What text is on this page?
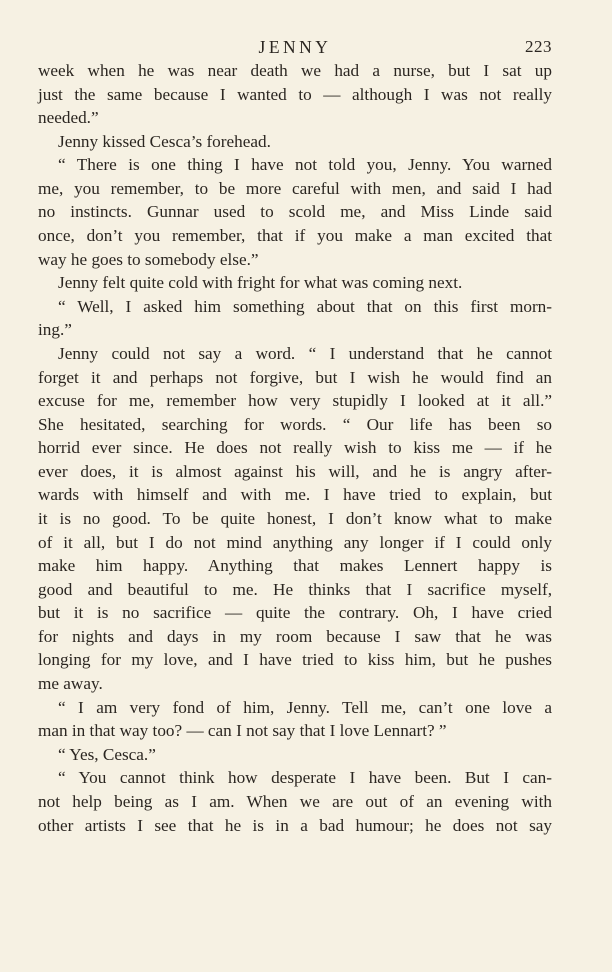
JENNY	223
week when he was near death we had a nurse, but I sat up
just the same because I wanted to — although I was not really
needed.”
Jenny kissed Cesca’s forehead.
“ There is one thing I have not told you, Jenny. You warned
me, you remember, to be more careful with men, and said I had
no instincts. Gunnar used to scold me, and Miss Linde said
once, don’t you remember, that if you make a man excited that
way he goes to somebody else.”
Jenny felt quite cold with fright for what was coming next.
“ Well, I asked him something about that on this first morn-
ing.”
Jenny could not say a word. “ I understand that he cannot
forget it and perhaps not forgive, but I wish he would find an
excuse for me, remember how very stupidly I looked at it all.”
She hesitated, searching for words. “ Our life has been so
horrid ever since. He does not really wish to kiss me — if he
ever does, it is almost against his will, and he is angry after-
wards with himself and with me. I have tried to explain, but
it is no good. To be quite honest, I don’t know what to make
of it all, but I do not mind anything any longer if I could only
make him happy. Anything that makes Lennert happy is
good and beautiful to me. He thinks that I sacrifice myself,
but it is no sacrifice — quite the contrary. Oh, I have cried
for nights and days in my room because I saw that he was
longing for my love, and I have tried to kiss him, but he pushes
me away.
“ I am very fond of him, Jenny. Tell me, can’t one love a
man in that way too? — can I not say that I love Lennart? ”
“ Yes, Cesca.”
“ You cannot think how desperate I have been. But I can-
not help being as I am. When we are out of an evening with
other artists I see that he is in a bad humour; he does not say
